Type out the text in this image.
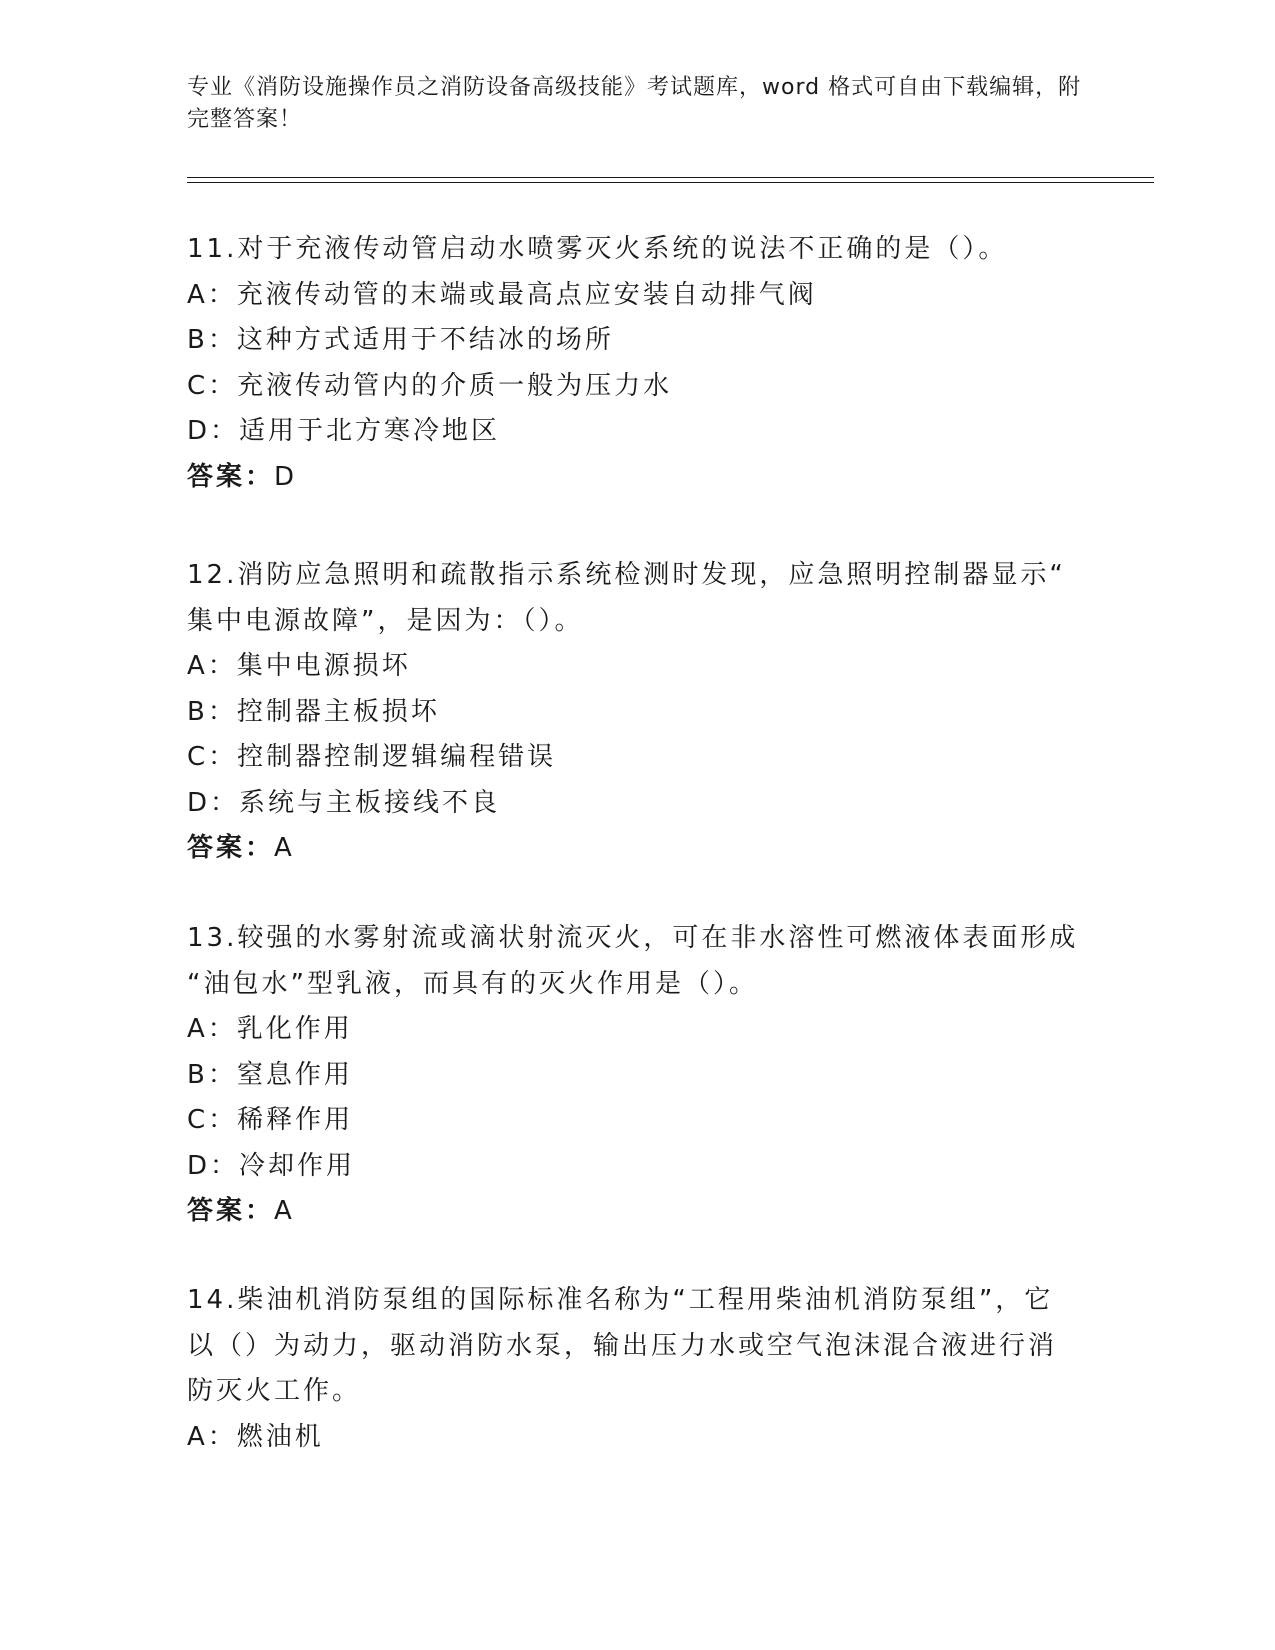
专业《消防设施操作员之消防设备高级技能》考试题库，word 格式可自由下载编辑，附完整答案！
11.对于充液传动管启动水喷雾灭火系统的说法不正确的是（）。
A：充液传动管的末端或最高点应安装自动排气阀
B：这种方式适用于不结冰的场所
C：充液传动管内的介质一般为压力水
D：适用于北方寒冷地区
答案：D
12.消防应急照明和疏散指示系统检测时发现，应急照明控制器显示“
集中电源故障”，是因为：（）。
A：集中电源损坏
B：控制器主板损坏
C：控制器控制逻辑编程错误
D：系统与主板接线不良
答案：A
13.较强的水雾射流或滴状射流灭火，可在非水溶性可燃液体表面形成
“油包水”型乳液，而具有的灭火作用是（）。
A：乳化作用
B：窒息作用
C：稀释作用
D：冷却作用
答案：A
14.柴油机消防泵组的国际标准名称为“工程用柴油机消防泵组”，它
以（）为动力，驱动消防水泵，输出压力水或空气泡沫混合液进行消
防灭火工作。
A：燃油机
